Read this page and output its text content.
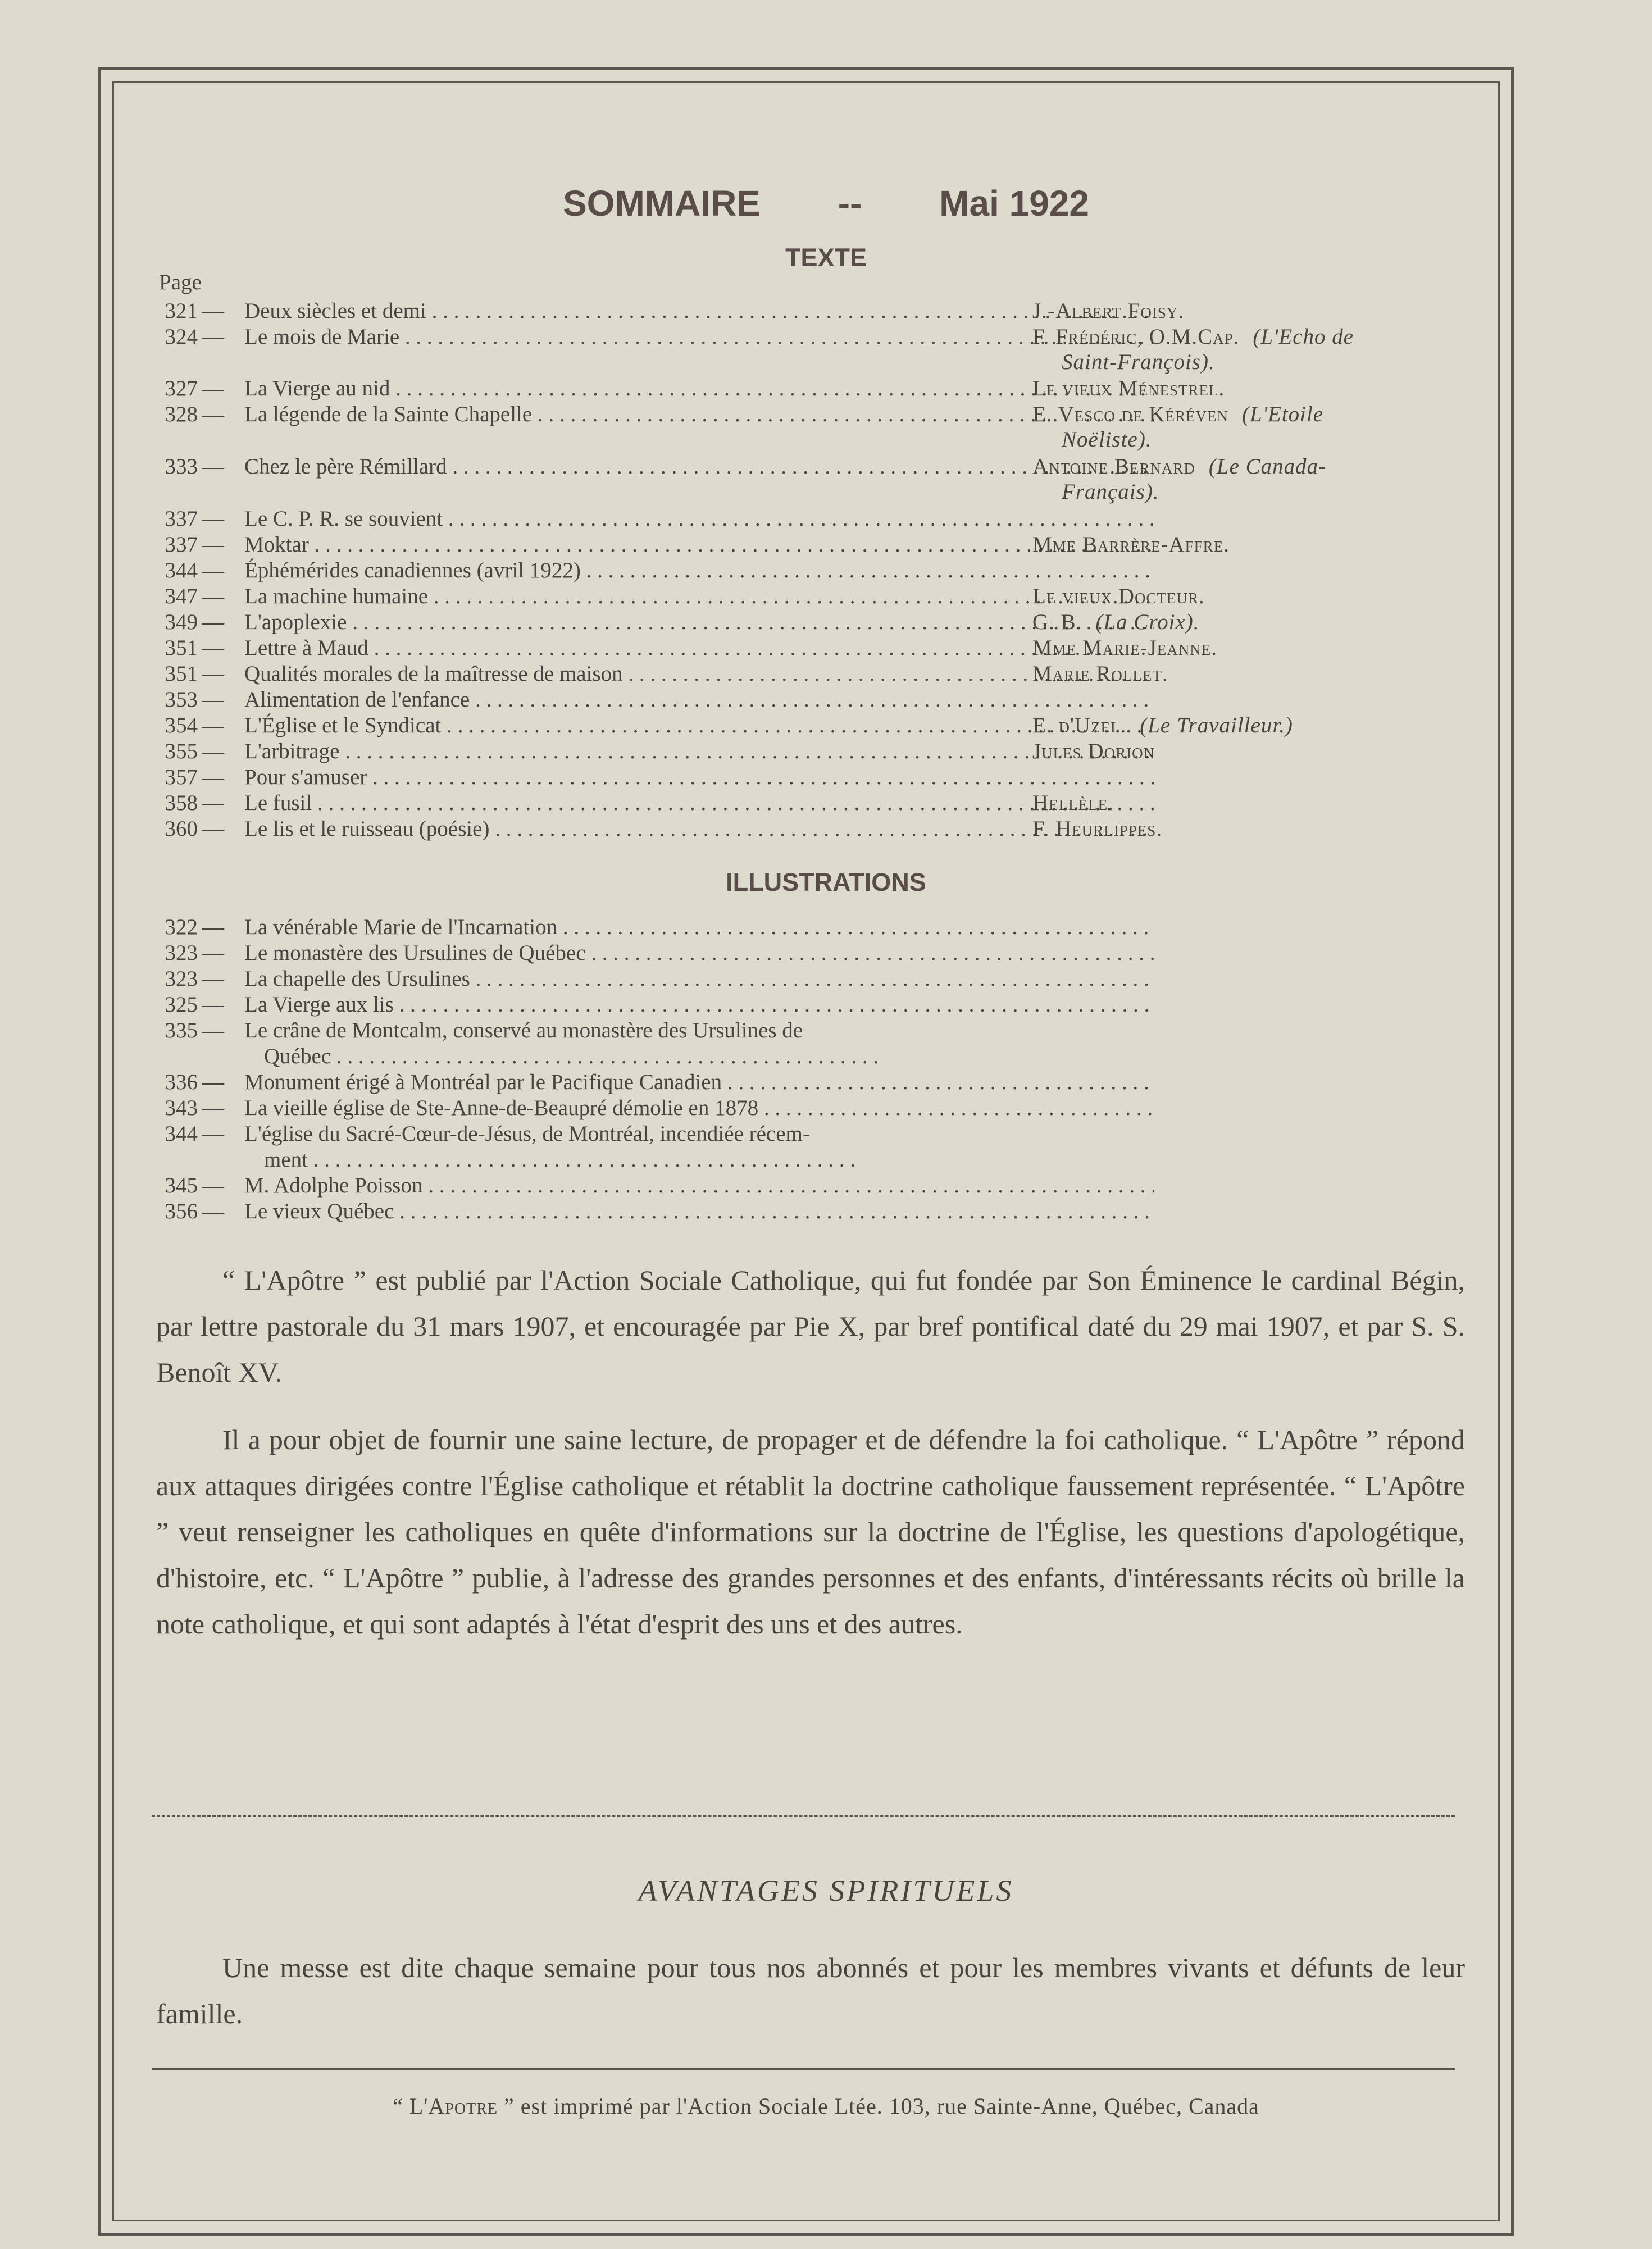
SOMMAIRE -- Mai 1922
TEXTE
Page
321 — Deux siècles et demi . . .
324 — Le mois de Marie . . .
327 — La Vierge au nid . . .
328 — La légende de la Sainte Chapelle . . .
333 — Chez le père Rémillard . . .
337 — Le C. P. R. se souvient . . .
337 — Moktar . . .
344 — Éphémérides canadiennes (avril 1922) . . .
347 — La machine humaine . . .
349 — L'apoplexie . . .
351 — Lettre à Maud . . .
351 — Qualités morales de la maîtresse de maison . . .
353 — Alimentation de l'enfance . . .
354 — L'Église et le Syndicat . . .
355 — L'arbitrage . . .
357 — Pour s'amuser . . .
358 — Le fusil . . .
360 — Le lis et le ruisseau (poésie) . . .
ILLUSTRATIONS
322 — La vénérable Marie de l'Incarnation . . .
323 — Le monastère des Ursulines de Québec . . .
323 — La chapelle des Ursulines . . .
325 — La Vierge aux lis . . .
335 — Le crâne de Montcalm, conservé au monastère des Ursulines de
Québec . . . . . . . . . . . . . . . . . . . . . . . . . . . . . . . . . . . . . . . . . . . . . . . . . .
336 — Monument érigé à Montréal par le Pacifique Canadien . . .
343 — La vieille église de Ste-Anne-de-Beaupré démolie en 1878 . . .
344 — L'église du Sacré-Cœur-de-Jésus, de Montréal, incendiée récem-
ment . . . . . . . . . . . . . . . . . . . . . . . . . . . . . . . . . . . . . . . . . . . . . . . . . .
345 — M. Adolphe Poisson . . .
356 — Le vieux Québec . . .

“ L'Apôtre ” est publié par l'Action Sociale Catholique, qui fut fondée par Son Éminence le cardinal Bégin, par lettre pastorale du 31 mars 1907, et encouragée par Pie X, par bref pontifical daté du 29 mai 1907, et par S. S. Benoît XV.

Il a pour objet de fournir une saine lecture, de propager et de défendre la foi catholique. “ L'Apôtre ” répond aux attaques dirigées contre l'Église catholique et rétablit la doctrine catholique faussement représentée. “ L'Apôtre ” veut renseigner les catholiques en quête d'informations sur la doctrine de l'Église, les questions d'apologétique, d'histoire, etc. “ L'Apôtre ” publie, à l'adresse des grandes personnes et des enfants, d'intéressants récits où brille la note catholique, et qui sont adaptés à l'état d'esprit des uns et des autres.

AVANTAGES SPIRITUELS

Une messe est dite chaque semaine pour tous nos abonnés et pour les membres vivants et défunts de leur famille.

“ L'Apotre ” est imprimé par l'Action Sociale Ltée. 103, rue Sainte-Anne, Québec, Canada
J.-Albert Foisy.
F. Frédéric, O.M.Cap. (L'Echo de
Saint-François).
Le vieux Ménestrel.
E. Vesco de Kéréven (L'Etoile
Noëliste).
Antoine Bernard (Le Canada-
Français).
Mme Barrère-Affre.
Le vieux Docteur.
G. B. (La Croix).
Mme Marie-Jeanne.
Marie Rollet.
E. d'Uzel. (Le Travailleur.)
Jules Dorion
Hellèle.
F. Heurlippes.
